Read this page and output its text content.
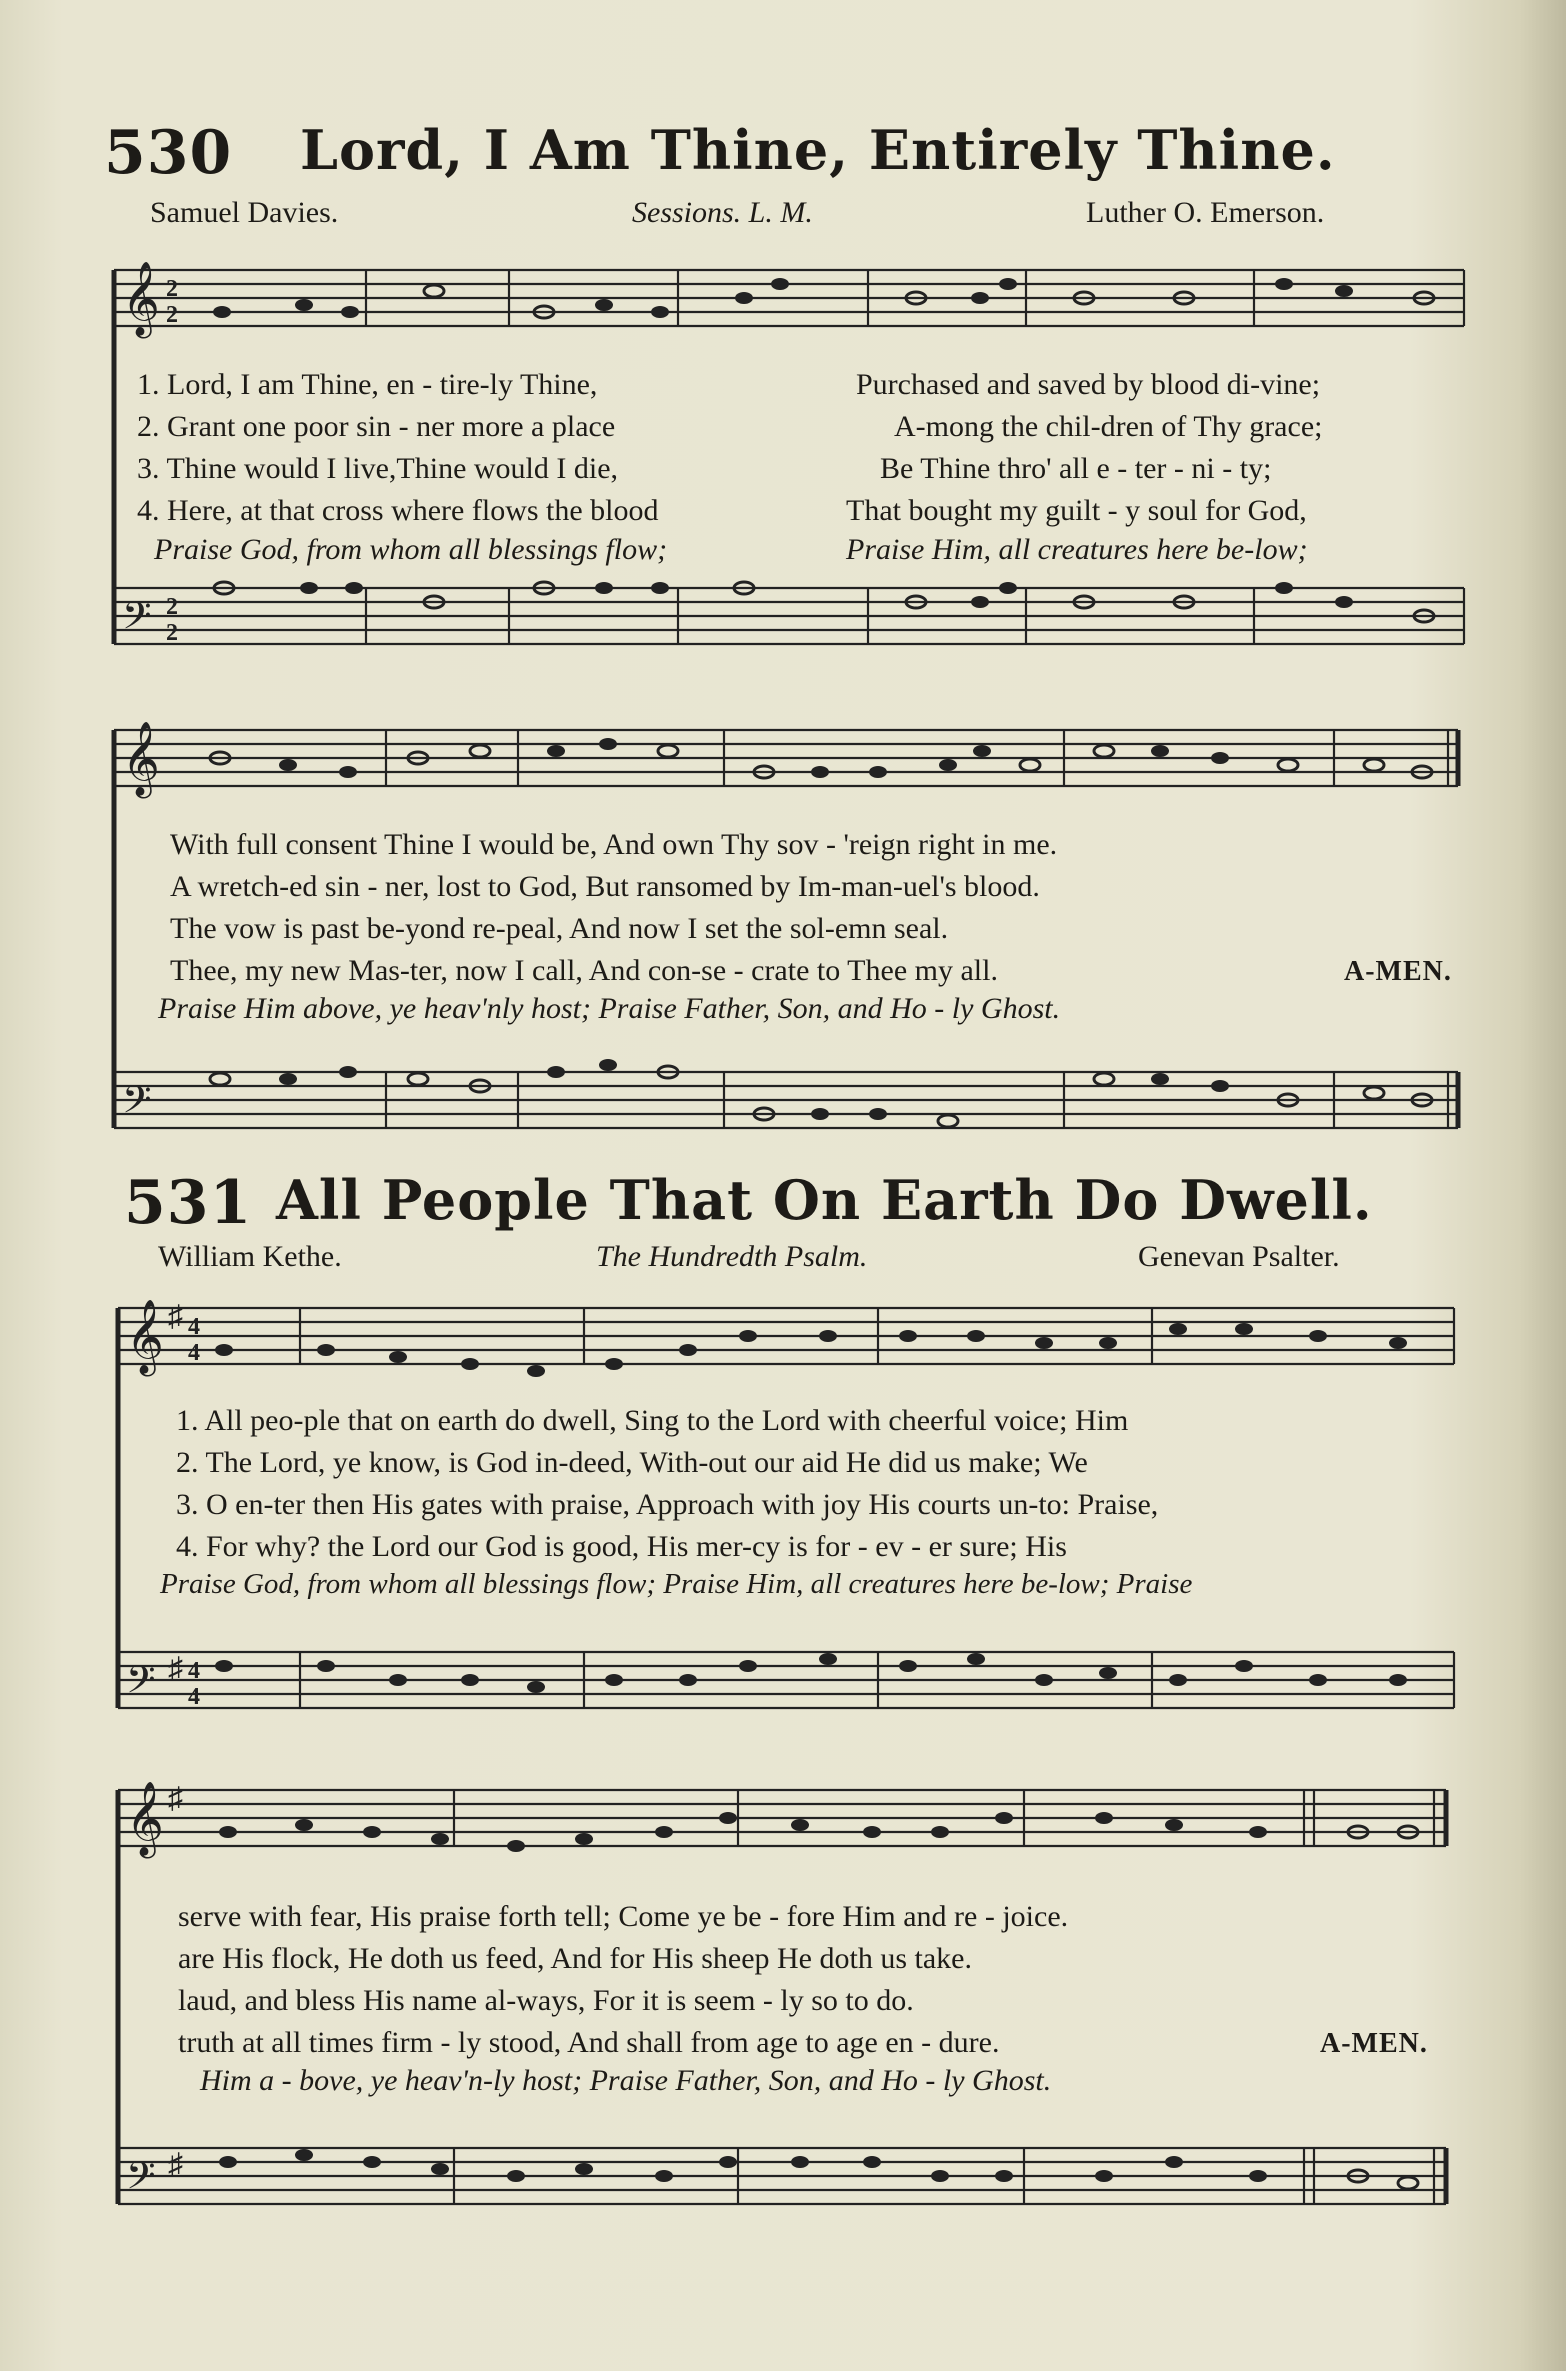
530 Lord, I Am Thine, Entirely Thine.
Samuel Davies.	Sessions. L. M.	Luther O. Emerson.
𝄞 2
2
𝄢 2
2
1. Lord, I am Thine, en - tire-ly Thine,	Purchased and saved by blood di-vine;
2. Grant one poor sin - ner more a place	A-mong the chil-dren of Thy grace;
3. Thine would I live,Thine would I die,	Be Thine thro' all e - ter - ni - ty;
4. Here, at that cross where flows the blood	That bought my guilt - y soul for God,
Praise God, from whom all blessings flow;	Praise Him, all creatures here be-low;
𝄞
𝄢
With full consent Thine I would be, And own Thy sov - 'reign right in me.
A wretch-ed sin - ner, lost to God, But ransomed by Im-man-uel's blood.
The vow is past be-yond re-peal, And now I set the sol-emn seal.
Thee, my new Mas-ter, now I call, And con-se - crate to Thee my all.	A-MEN.
Praise Him above, ye heav'nly host; Praise Father, Son, and Ho - ly Ghost.
531 All People That On Earth Do Dwell.
William Kethe.	The Hundredth Psalm.	Genevan Psalter.
𝄞 ♯ 4
4
𝄢 ♯ 4
4
1. All peo-ple that on earth do dwell, Sing to the Lord with cheerful voice; Him
2. The Lord, ye know, is God in-deed, With-out our aid He did us make; We
3. O en-ter then His gates with praise, Approach with joy His courts un-to: Praise,
4. For why? the Lord our God is good, His mer-cy is for - ev - er sure; His
Praise God, from whom all blessings flow; Praise Him, all creatures here be-low; Praise
𝄞 ♯
𝄢 ♯
serve with fear, His praise forth tell; Come ye be - fore Him and re - joice.
are His flock, He doth us feed, And for His sheep He doth us take.
laud, and bless His name al-ways, For it is seem - ly so to do.
truth at all times firm - ly stood, And shall from age to age en - dure.	A-MEN.
Him a - bove, ye heav'n-ly host; Praise Father, Son, and Ho - ly Ghost.
